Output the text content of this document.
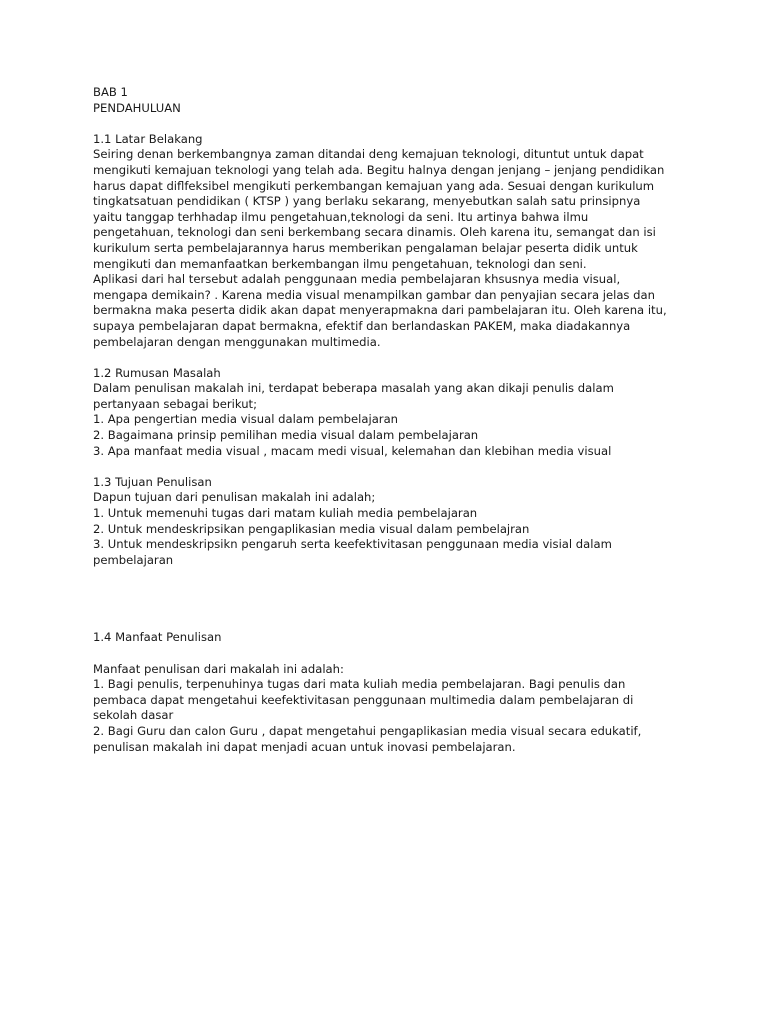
BAB 1
PENDAHULUAN
1.1 Latar Belakang
Seiring denan berkembangnya zaman ditandai deng kemajuan teknologi, dituntut untuk dapat
mengikuti kemajuan teknologi yang telah ada. Begitu halnya dengan jenjang – jenjang pendidikan
harus dapat diflfeksibel mengikuti perkembangan kemajuan yang ada. Sesuai dengan kurikulum
tingkatsatuan pendidikan ( KTSP ) yang berlaku sekarang, menyebutkan salah satu prinsipnya
yaitu tanggap terhhadap ilmu pengetahuan,teknologi da seni. Itu artinya bahwa ilmu
pengetahuan, teknologi dan seni berkembang secara dinamis. Oleh karena itu, semangat dan isi
kurikulum serta pembelajarannya harus memberikan pengalaman belajar peserta didik untuk
mengikuti dan memanfaatkan berkembangan ilmu pengetahuan, teknologi dan seni.
Aplikasi dari hal tersebut adalah penggunaan media pembelajaran khsusnya media visual,
mengapa demikain? . Karena media visual menampilkan gambar dan penyajian secara jelas dan
bermakna maka peserta didik akan dapat menyerapmakna dari pambelajaran itu. Oleh karena itu,
supaya pembelajaran dapat bermakna, efektif dan berlandaskan PAKEM, maka diadakannya
pembelajaran dengan menggunakan multimedia.
1.2 Rumusan Masalah
Dalam penulisan makalah ini, terdapat beberapa masalah yang akan dikaji penulis dalam
pertanyaan sebagai berikut;
1. Apa pengertian media visual dalam pembelajaran
2. Bagaimana prinsip pemilihan media visual dalam pembelajaran
3. Apa manfaat media visual , macam medi visual, kelemahan dan klebihan media visual
1.3 Tujuan Penulisan
Dapun tujuan dari penulisan makalah ini adalah;
1. Untuk memenuhi tugas dari matam kuliah media pembelajaran
2. Untuk mendeskripsikan pengaplikasian media visual dalam pembelajran
3. Untuk mendeskripsikn pengaruh serta keefektivitasan penggunaan media visial dalam
pembelajaran
1.4 Manfaat Penulisan
Manfaat penulisan dari makalah ini adalah:
1. Bagi penulis, terpenuhinya tugas dari mata kuliah media pembelajaran. Bagi penulis dan
pembaca dapat mengetahui keefektivitasan penggunaan multimedia dalam pembelajaran di
sekolah dasar
2. Bagi Guru dan calon Guru , dapat mengetahui pengaplikasian media visual secara edukatif,
penulisan makalah ini dapat menjadi acuan untuk inovasi pembelajaran.
